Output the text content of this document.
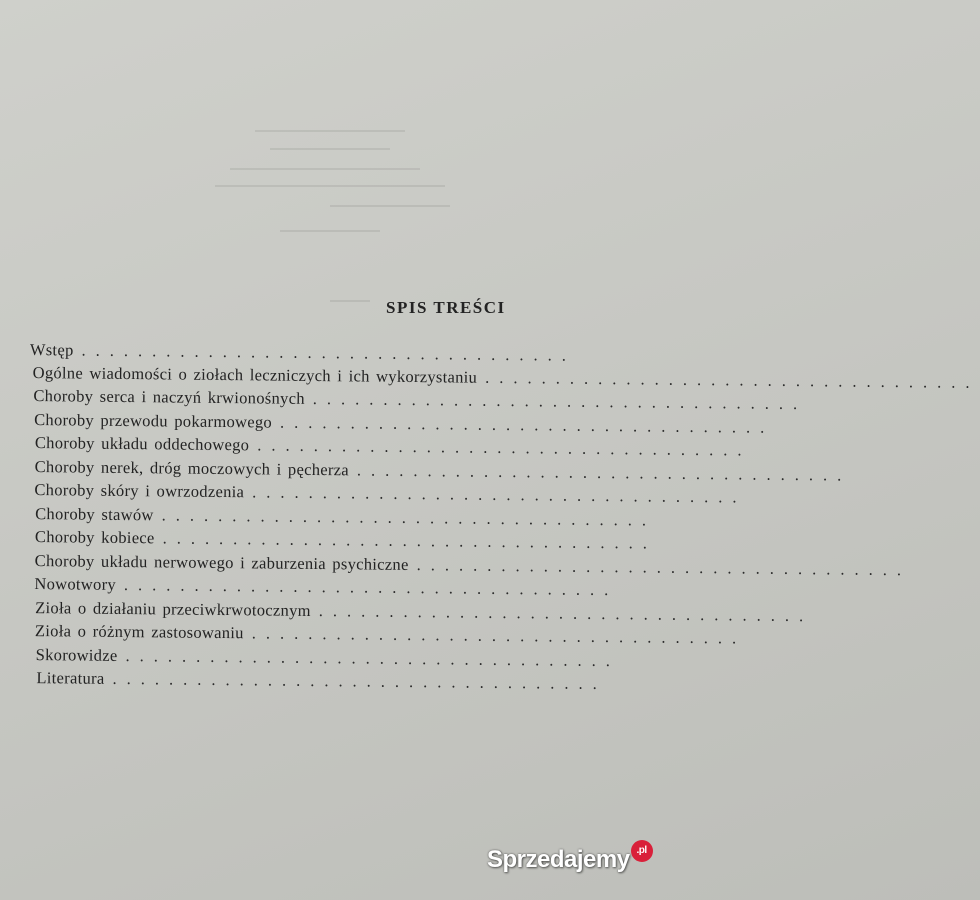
SPIS TREŚCI
Wstęp ...................................
Ogólne wiadomości o ziołach leczniczych i ich wykorzystaniu ...................................
Choroby serca i naczyń krwionośnych ...................................
Choroby przewodu pokarmowego ...................................
Choroby układu oddechowego ...................................
Choroby nerek, dróg moczowych i pęcherza ...................................
Choroby skóry i owrzodzenia ...................................
Choroby stawów ...................................
Choroby kobiece ...................................
Choroby układu nerwowego i zaburzenia psychiczne ...................................
Nowotwory ...................................
Zioła o działaniu przeciwkrwotocznym ...................................
Zioła o różnym zastosowaniu ...................................
Skorowidze ...................................
Literatura ...................................
Sprzedajemy .pl
